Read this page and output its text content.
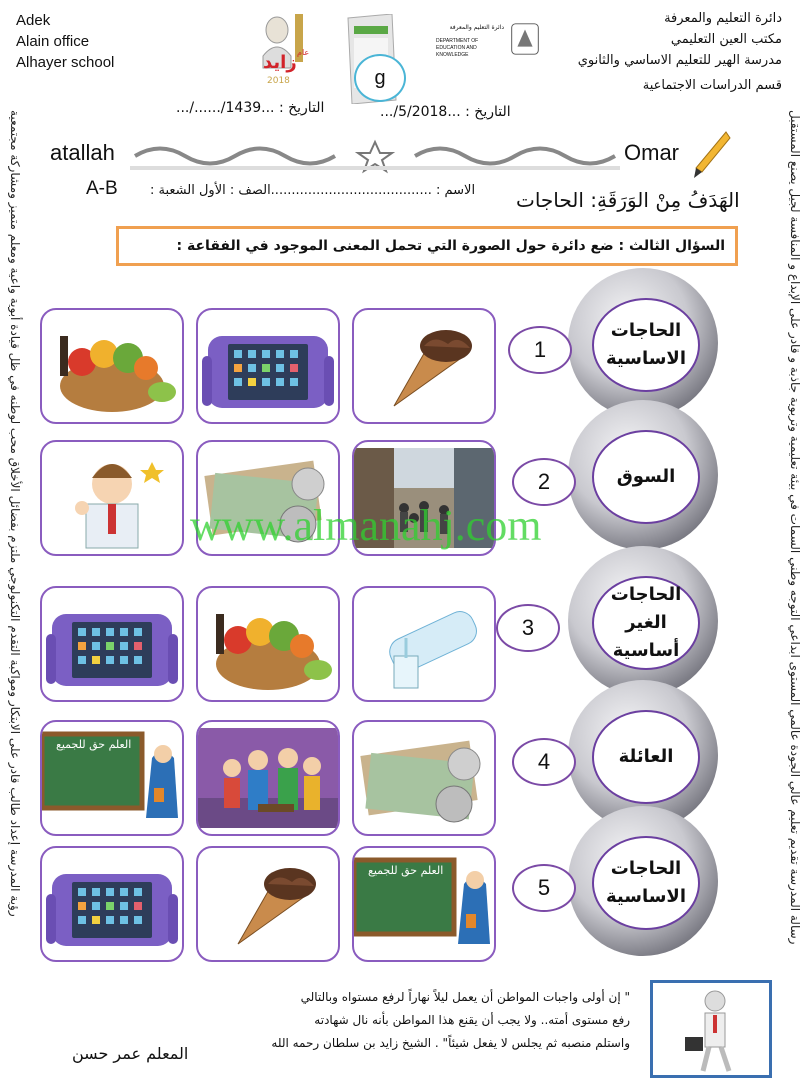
رؤية المدرسة إعداد طالب قادر على الابتكار ومواكبة التقدم التكنولوجي ملتزم بفضائل الأخلاق محب لوطنه في ظل قيادة أبوية واعية ومعلم متميز ومشاركة مجتمعية	رسالة المدرسة تقديم تعليم عالي الجودة عالمي المستوى ابداعي التوجه وطني السمات في بيئة تعليمية وتربوية جاذبة و قادر على الإبداع و المنافسة لجيل يصنع المستقبل
Adek
Alain office
Alhayer school	زايد عام
2018	g
دائرة التعليم والمعرفة
DEPARTMENT OF EDUCATION AND KNOWLEDGE
دائرة التعليم والمعرفة
مكتب العين التعليمي
مدرسة الهير للتعليم الاساسي والثانوي
قسم الدراسات الاجتماعية
التاريخ : ...1439/....../...	التاريخ : ...5/2018/...
atallah	Omar
A-B الاسم : .......................................الصف : الأول الشعبة : الهَدَفُ مِنْ الوَرَقَةِ: الحاجات
السؤال الثالث : ضع دائرة حول الصورة التي تحمل المعنى الموجود في الفقاعة :
الحاجات
الاساسية
1
السوق
2
الحاجات
الغير
أساسية
3
العائلة
4
العلم حق للجميع
الحاجات
الاساسية
5
العلم حق للجميع
www.almanahj.com
" إن أولى واجبات المواطن أن يعمل ليلاً نهاراً لرفع مستواه وبالتالي
رفع مستوى أمته.. ولا يجب أن يقنع هذا المواطن بأنه نال شهادته
واستلم منصبه ثم يجلس لا يفعل شيئاً" . الشيخ زايد بن سلطان رحمه الله
المعلم عمر حسن
